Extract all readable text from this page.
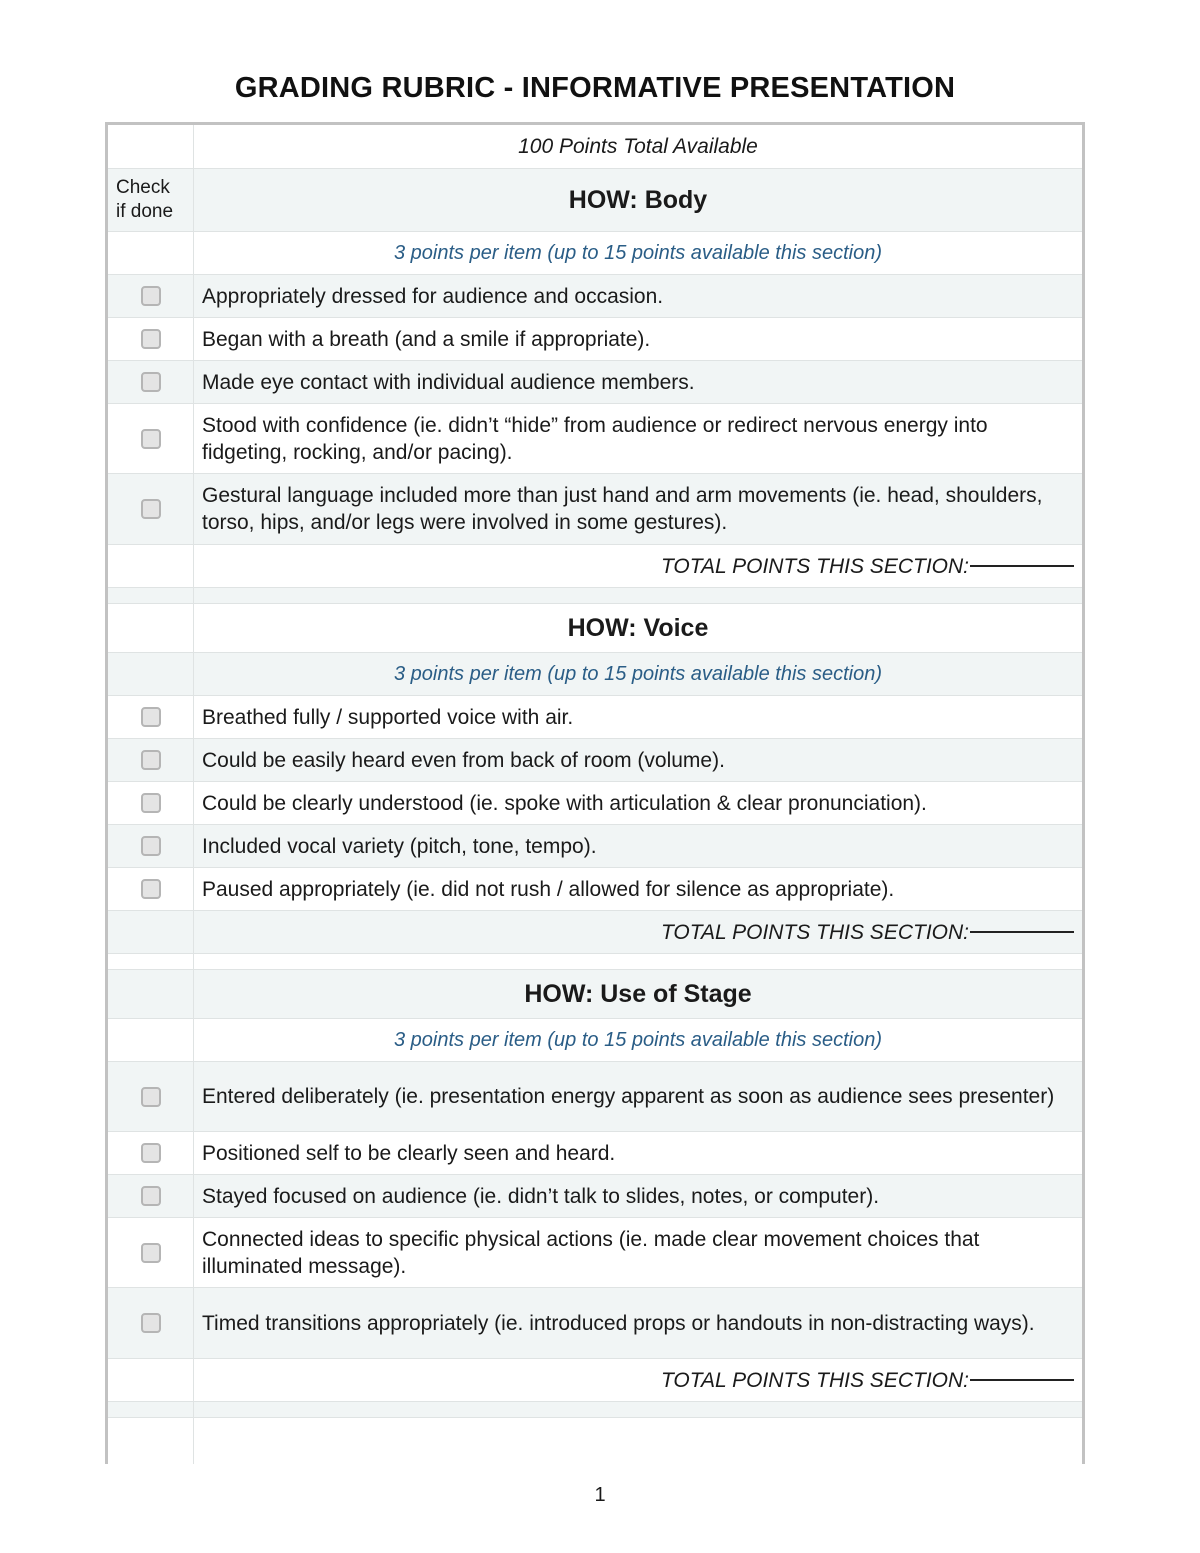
GRADING RUBRIC - INFORMATIVE PRESENTATION
100 Points Total Available
Check
if done	HOW: Body
3 points per item (up to 15 points available this section)
Appropriately dressed for audience and occasion.
Began with a breath (and a smile if appropriate).
Made eye contact with individual audience members.
Stood with confidence (ie. didn’t “hide” from audience or redirect nervous energy into fidgeting, rocking, and/or pacing).
Gestural language included more than just hand and arm movements (ie. head, shoulders, torso, hips, and/or legs were involved in some gestures).
TOTAL POINTS THIS SECTION:
HOW: Voice
3 points per item (up to 15 points available this section)
Breathed fully / supported voice with air.
Could be easily heard even from back of room (volume).
Could be clearly understood (ie. spoke with articulation & clear pronunciation).
Included vocal variety (pitch, tone, tempo).
Paused appropriately (ie. did not rush / allowed for silence as appropriate).
TOTAL POINTS THIS SECTION:
HOW: Use of Stage
3 points per item (up to 15 points available this section)
Entered deliberately (ie. presentation energy apparent as soon as audience sees presenter)
Positioned self to be clearly seen and heard.
Stayed focused on audience (ie. didn’t talk to slides, notes, or computer).
Connected ideas to specific physical actions (ie. made clear movement choices that illuminated message).
Timed transitions appropriately (ie. introduced props or handouts in non-distracting ways).
TOTAL POINTS THIS SECTION:
1
